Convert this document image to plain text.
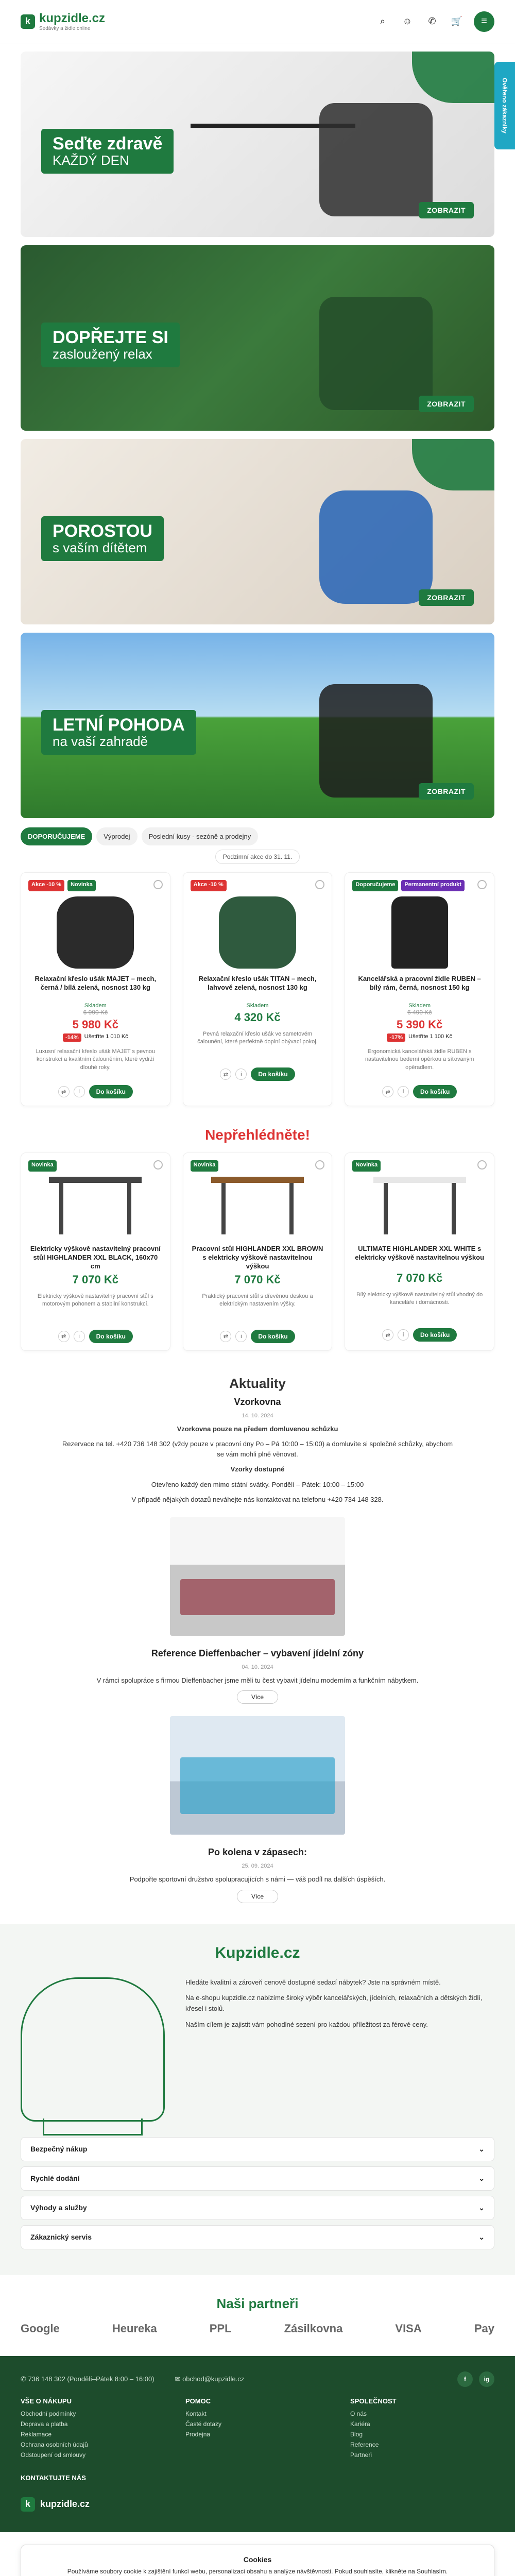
k kupzidle.cz
Sedávky a židle online
⌕	☺	✆	🛒	≡
Ověřeno zákazníky
Seďte zdravě
KAŽDÝ DEN
ZOBRAZIT
DOPŘEJTE SI
zasloužený relax
ZOBRAZIT
POROSTOU
s vaším dítětem
ZOBRAZIT
LETNÍ POHODA
na vaší zahradě
ZOBRAZIT
DOPORUČUJEME	Výprodej	Poslední kusy - sezóně a prodejny
Podzimní akce do 31. 11.
Akce -10 %	Novinka
Relaxační křeslo ušák MAJET – mech, černá / bílá zelená, nosnost 130 kg
Skladem
6 990 Kč
5 980 Kč
-14%	Ušetříte 1 010 Kč
Luxusní relaxační křeslo ušák MAJET s pevnou konstrukcí a kvalitním čalouněním, které vydrží dlouhé roky.
⇄	i	Do košíku
Akce -10 %
Relaxační křeslo ušák TITAN – mech, lahvově zelená, nosnost 130 kg
Skladem
4 320 Kč
Pevná relaxační křeslo ušák ve sametovém čalounění, které perfektně doplní obývací pokoj.
⇄	i	Do košíku
Doporučujeme	Permanentní produkt
Kancelářská a pracovní židle RUBEN – bílý rám, černá, nosnost 150 kg
Skladem
6 490 Kč
5 390 Kč
-17%	Ušetříte 1 100 Kč
Ergonomická kancelářská židle RUBEN s nastavitelnou bederní opěrkou a síťovaným opěradlem.
⇄	i	Do košíku
Nepřehlédněte!
Novinka
Elektricky výškově nastavitelný pracovní stůl HIGHLANDER XXL BLACK, 160x70 cm
7 070 Kč
Elektricky výškově nastavitelný pracovní stůl s motorovým pohonem a stabilní konstrukcí.
⇄	i	Do košíku
Novinka
Pracovní stůl HIGHLANDER XXL BROWN s elektricky výškově nastavitelnou výškou
7 070 Kč
Praktický pracovní stůl s dřevěnou deskou a elektrickým nastavením výšky.
⇄	i	Do košíku
Novinka
ULTIMATE HIGHLANDER XXL WHITE s elektricky výškově nastavitelnou výškou
7 070 Kč
Bílý elektricky výškově nastavitelný stůl vhodný do kanceláře i domácnosti.
⇄	i	Do košíku
Aktuality
Vzorkovna
14. 10. 2024
Vzorkovna pouze na předem domluvenou schůzku
Rezervace na tel. +420 736 148 302 (vždy pouze v pracovní dny Po – Pá 10:00 – 15:00) a domluvíte si společné schůzky, abychom se vám mohli plně věnovat.
Vzorky dostupné
Otevřeno každý den mimo státní svátky. Pondělí – Pátek: 10:00 – 15:00
V případě nějakých dotazů neváhejte nás kontaktovat na telefonu +420 734 148 328.
Reference Dieffenbacher – vybavení jídelní zóny
04. 10. 2024
V rámci spolupráce s firmou Dieffenbacher jsme měli tu čest vybavit jídelnu moderním a funkčním nábytkem.
Více
Po kolena v zápasech:
25. 09. 2024
Podpořte sportovní družstvo spolupracujících s námi — váš podíl na dalších úspěších.
Více
Kupzidle.cz

Hledáte kvalitní a zároveň cenově dostupné sedací nábytek? Jste na správném místě.

Na e-shopu kupzidle.cz nabízíme široký výběr kancelářských, jídelních, relaxačních a dětských židlí, křesel i stolů.

Naším cílem je zajistit vám pohodlné sezení pro každou příležitost za férové ceny.

Bezpečný nákup	⌄
Rychlé dodání	⌄
Výhody a služby	⌄
Zákaznický servis	⌄
Naši partneři
Google	Heureka	PPL	Zásilkovna	VISA	Pay
✆ 736 148 302 (Pondělí–Pátek 8:00 – 16:00)	✉ obchod@kupzidle.cz	f	ig
VŠE O NÁKUPU
Obchodní podmínky
Doprava a platba
Reklamace
Ochrana osobních údajů
Odstoupení od smlouvy
POMOC
Kontakt
Časté dotazy
Prodejna
SPOLEČNOST
O nás
Kariéra
Blog
Reference
Partneři
KONTAKTUJTE NÁS
k	kupzidle.cz
Cookies
Používáme soubory cookie k zajištění funkcí webu, personalizaci obsahu a analýze návštěvnosti. Pokud souhlasíte, klikněte na Souhlasím.
